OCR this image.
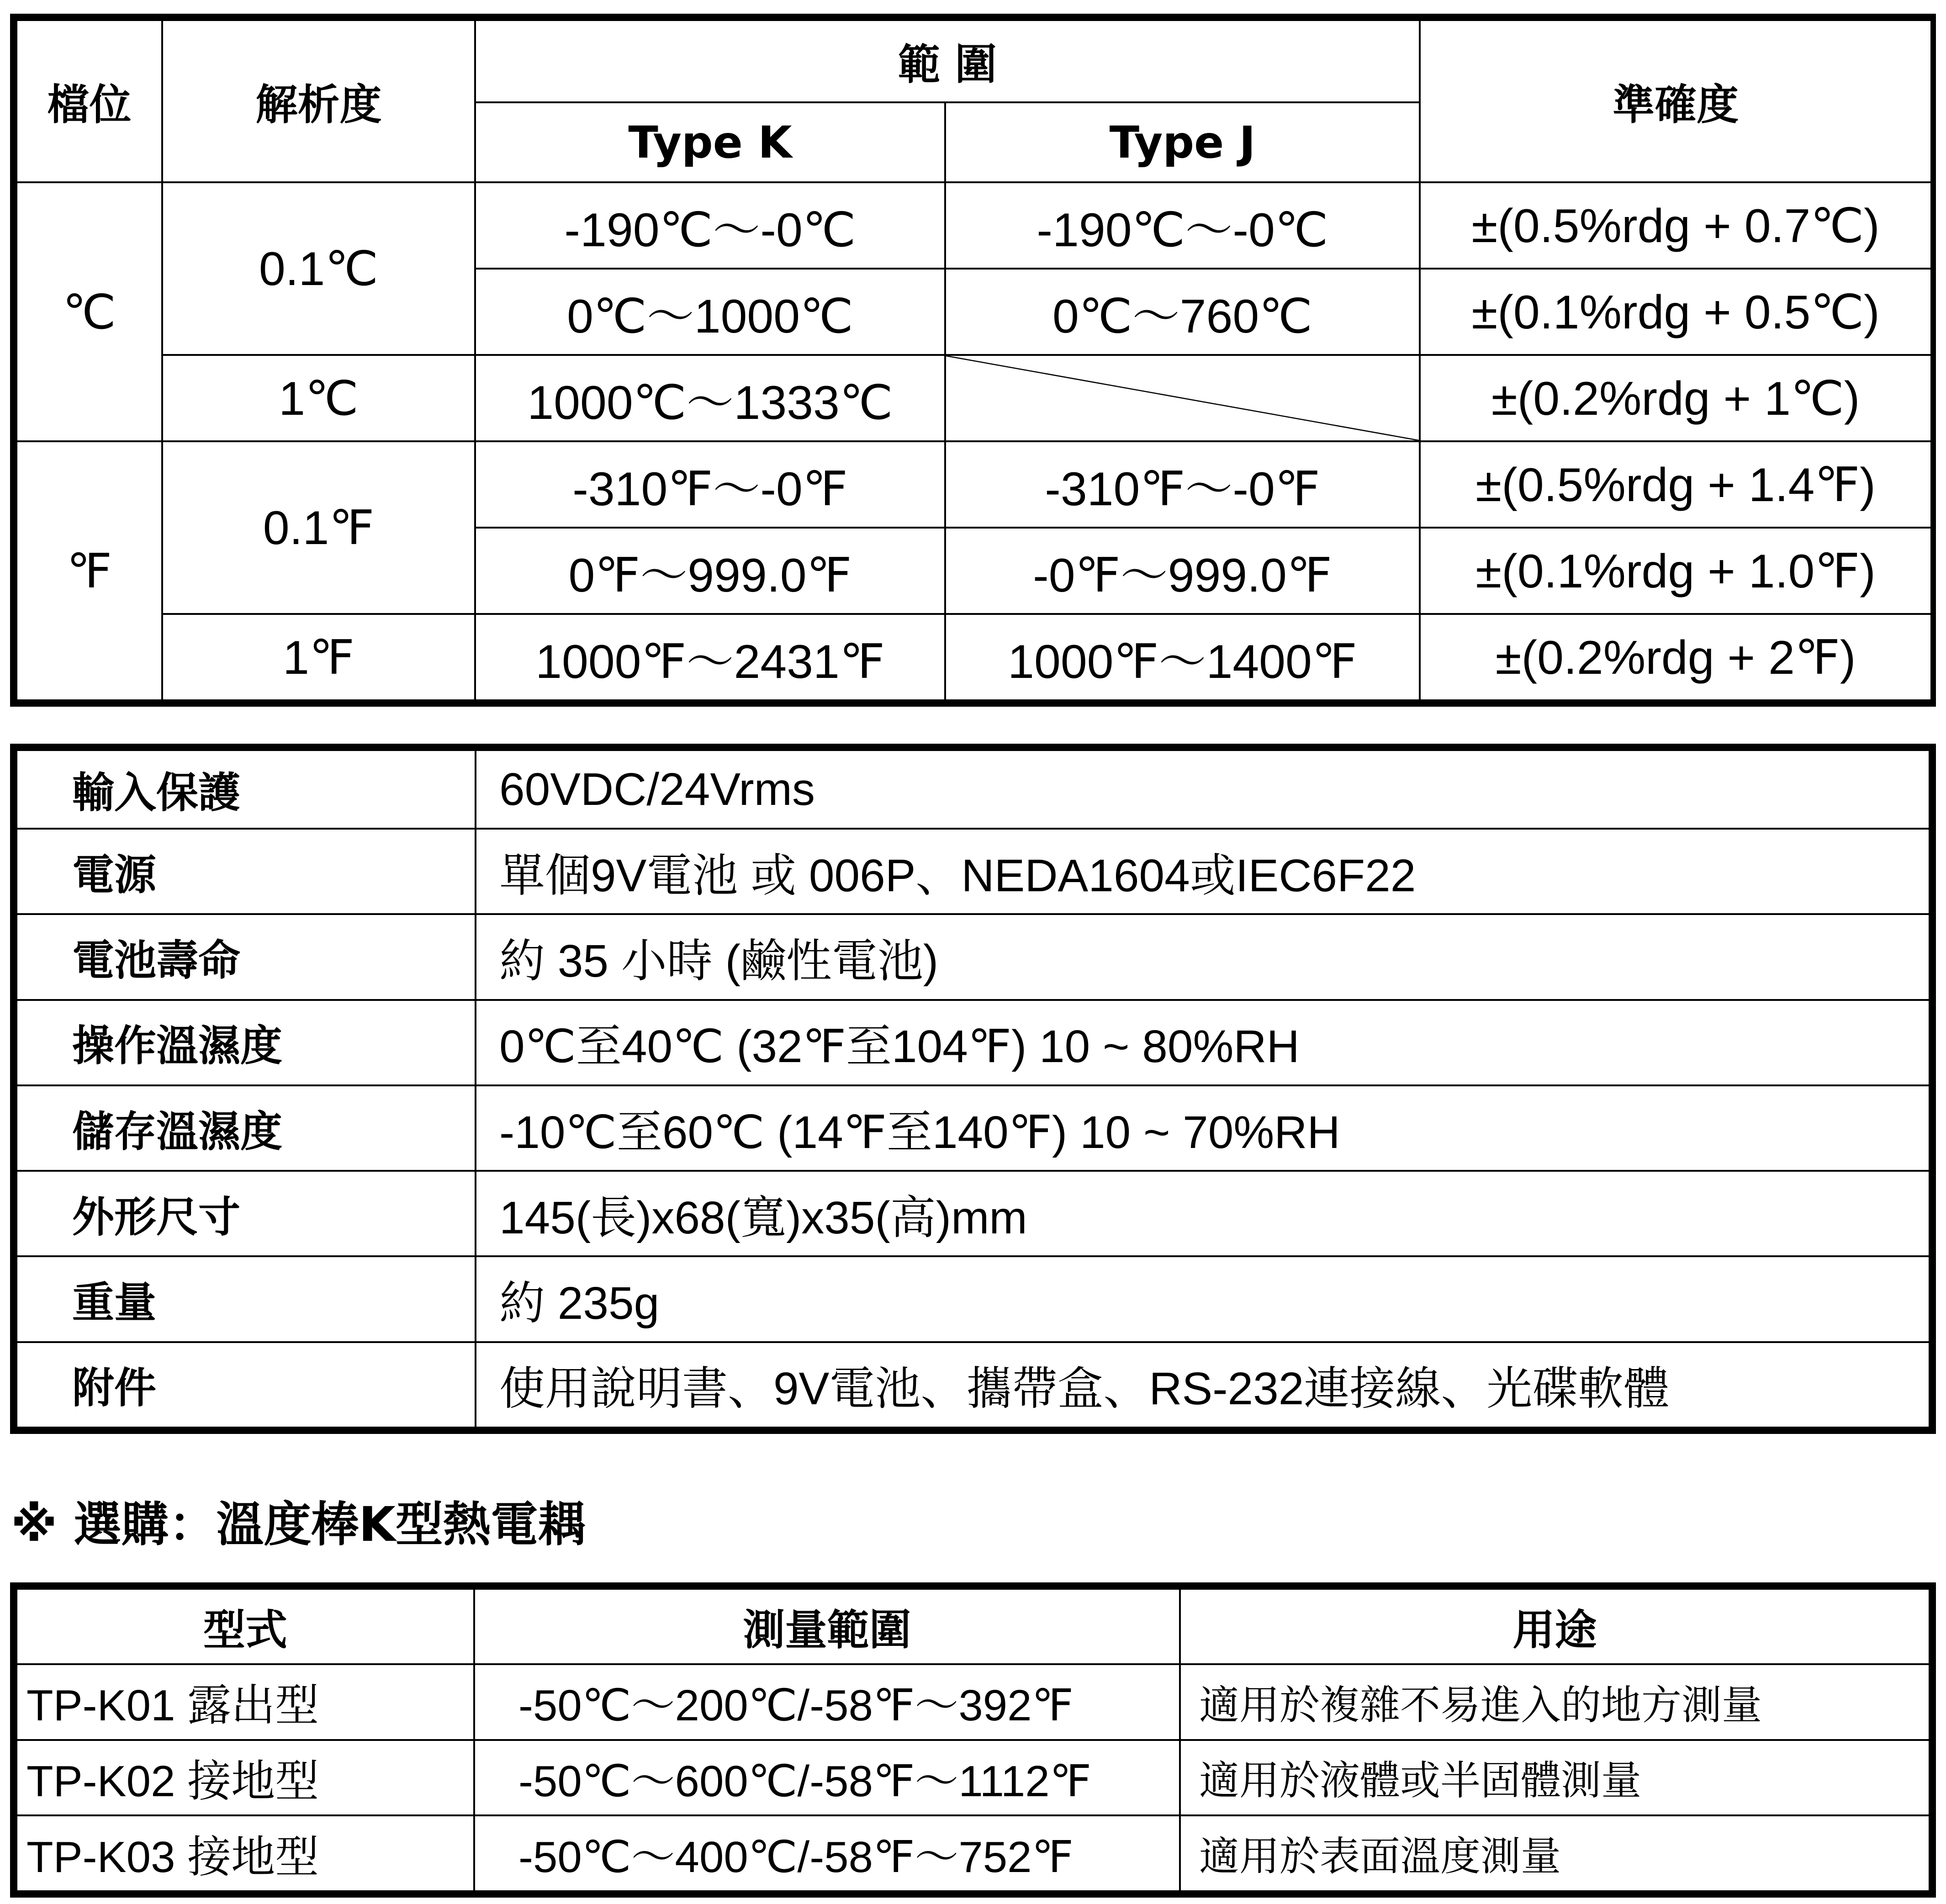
檔位	解析度	範 圍		準確度
		Type K	Type J	
℃	0.1℃	-190℃～-0℃	-190℃～-0℃	±(0.5%rdg + 0.7℃)
		0℃～1000℃	0℃～760℃	±(0.1%rdg + 0.5℃)
	1℃	1000℃～1333℃		±(0.2%rdg + 1℃)
℉	0.1℉	-310℉～-0℉	-310℉～-0℉	±(0.5%rdg + 1.4℉)
		0℉～999.0℉	-0℉～999.0℉	±(0.1%rdg + 1.0℉)
	1℉	1000℉～2431℉	1000℉～1400℉	±(0.2%rdg + 2℉)
輸入保護	60VDC/24Vrms
電源	單個9V電池 或 006P、NEDA1604或IEC6F22
電池壽命	約 35 小時 (鹼性電池)
操作溫濕度	0℃至40℃ (32℉至104℉) 10 ~ 80%RH
儲存溫濕度	-10℃至60℃ (14℉至140℉) 10 ~ 70%RH
外形尺寸	145(長)x68(寬)x35(高)mm
重量	約 235g
附件	使用說明書、9V電池、攜帶盒、RS-232連接線、光碟軟體
※ 選購：溫度棒K型熱電耦
型式	測量範圍	用途
TP-K01 露出型	-50℃～200℃/-58℉～392℉	適用於複雜不易進入的地方測量
TP-K02 接地型	-50℃～600℃/-58℉～1112℉	適用於液體或半固體測量
TP-K03 接地型	-50℃～400℃/-58℉～752℉	適用於表面溫度測量
